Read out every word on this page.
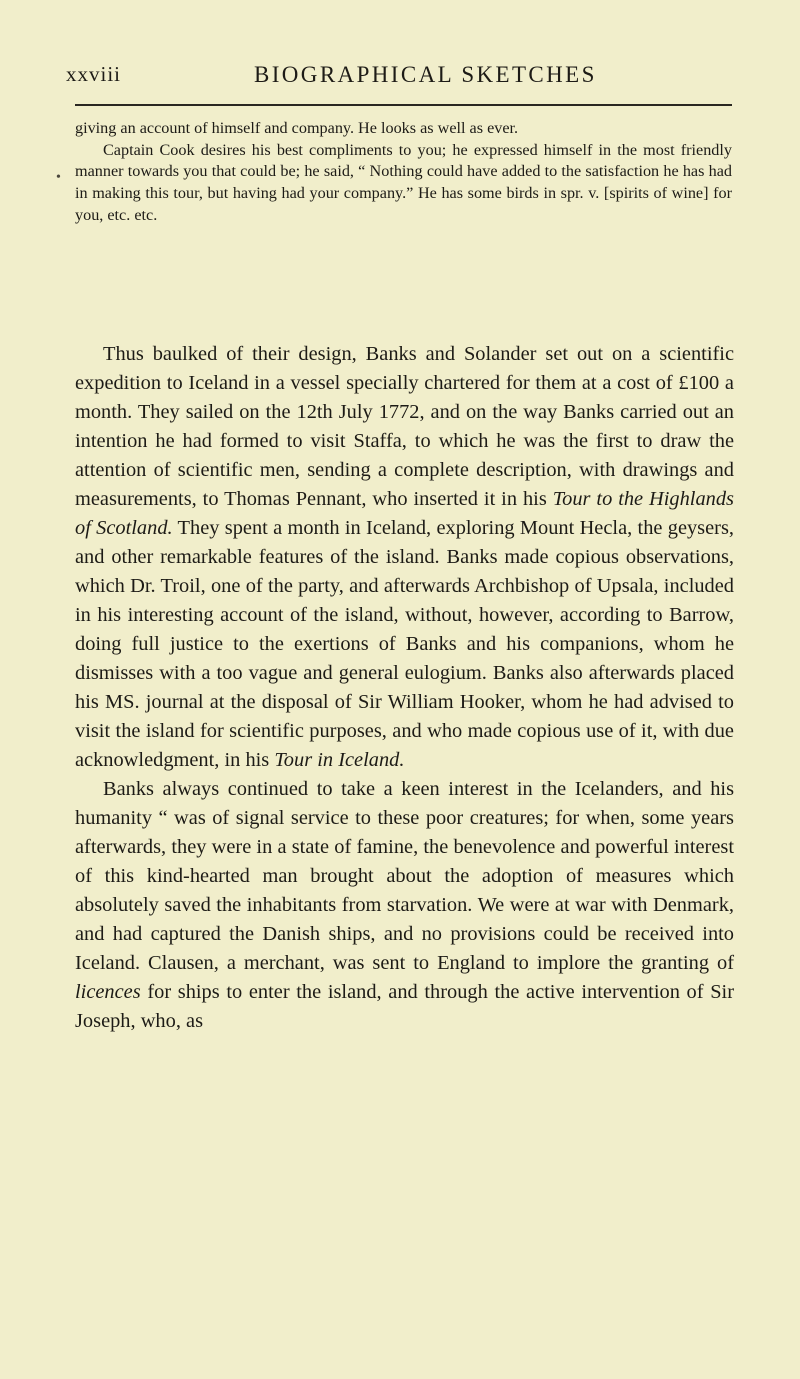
xxviii	BIOGRAPHICAL SKETCHES
•

giving an account of himself and company. He looks as well as ever.

Captain Cook desires his best compliments to you; he expressed himself in the most friendly manner towards you that could be; he said, “ Nothing could have added to the satisfaction he has had in making this tour, but having had your company.” He has some birds in spr. v. [spirits of wine] for you, etc. etc.

Thus baulked of their design, Banks and Solander set out on a scientific expedition to Iceland in a vessel specially chartered for them at a cost of £100 a month. They sailed on the 12th July 1772, and on the way Banks carried out an intention he had formed to visit Staffa, to which he was the first to draw the attention of scientific men, sending a complete description, with drawings and measurements, to Thomas Pennant, who inserted it in his Tour to the Highlands of Scotland. They spent a month in Iceland, exploring Mount Hecla, the geysers, and other remarkable features of the island. Banks made copious observations, which Dr. Troil, one of the party, and afterwards Archbishop of Upsala, included in his interesting account of the island, without, however, according to Barrow, doing full justice to the exertions of Banks and his companions, whom he dismisses with a too vague and general eulogium. Banks also afterwards placed his MS. journal at the disposal of Sir William Hooker, whom he had advised to visit the island for scientific purposes, and who made copious use of it, with due acknowledgment, in his Tour in Iceland.

Banks always continued to take a keen interest in the Icelanders, and his humanity “ was of signal service to these poor creatures; for when, some years afterwards, they were in a state of famine, the benevolence and powerful interest of this kind-hearted man brought about the adoption of measures which absolutely saved the inhabitants from starvation. We were at war with Denmark, and had captured the Danish ships, and no provisions could be received into Iceland. Clausen, a merchant, was sent to England to implore the granting of licences for ships to enter the island, and through the active intervention of Sir Joseph, who, as
